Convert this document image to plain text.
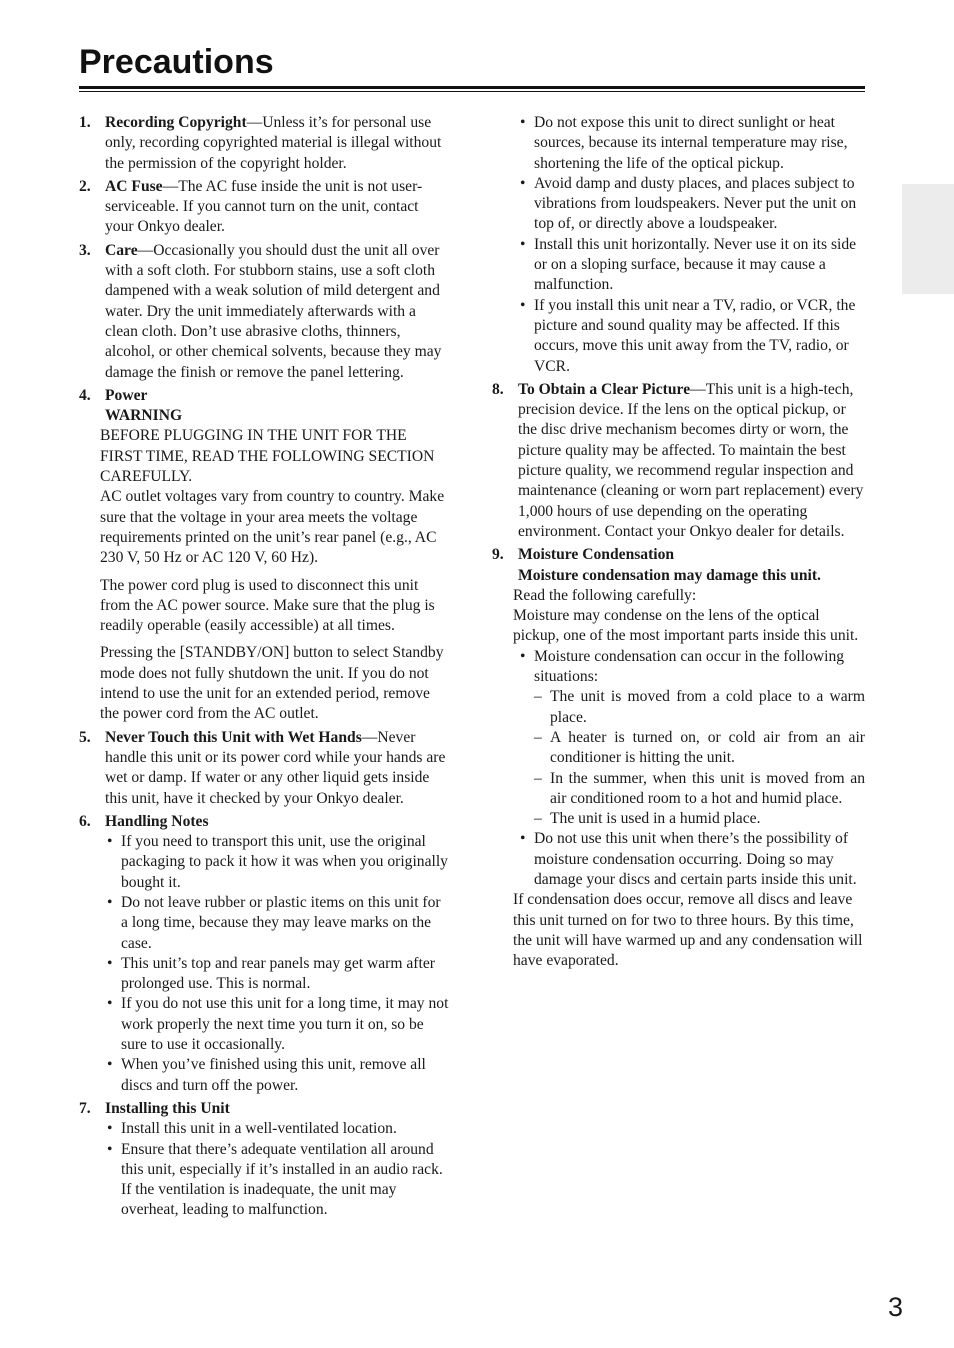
Precautions
1. Recording Copyright—Unless it’s for personal use only, recording copyrighted material is illegal without the permission of the copyright holder.

2. AC Fuse—The AC fuse inside the unit is not user-serviceable. If you cannot turn on the unit, contact your Onkyo dealer.

3. Care—Occasionally you should dust the unit all over with a soft cloth. For stubborn stains, use a soft cloth dampened with a weak solution of mild detergent and water. Dry the unit immediately afterwards with a clean cloth. Don’t use abrasive cloths, thinners, alcohol, or other chemical solvents, because they may damage the finish or remove the panel lettering.

4. Power

WARNING

BEFORE PLUGGING IN THE UNIT FOR THE FIRST TIME, READ THE FOLLOWING SECTION CAREFULLY.

AC outlet voltages vary from country to country. Make sure that the voltage in your area meets the voltage requirements printed on the unit’s rear panel (e.g., AC 230 V, 50 Hz or AC 120 V, 60 Hz).

The power cord plug is used to disconnect this unit from the AC power source. Make sure that the plug is readily operable (easily accessible) at all times.

Pressing the [STANDBY/ON] button to select Standby mode does not fully shutdown the unit. If you do not intend to use the unit for an extended period, remove the power cord from the AC outlet.

5. Never Touch this Unit with Wet Hands—Never handle this unit or its power cord while your hands are wet or damp. If water or any other liquid gets inside this unit, have it checked by your Onkyo dealer.

6. Handling Notes

• If you need to transport this unit, use the original packaging to pack it how it was when you originally bought it.
• Do not leave rubber or plastic items on this unit for a long time, because they may leave marks on the case.
• This unit’s top and rear panels may get warm after prolonged use. This is normal.
• If you do not use this unit for a long time, it may not work properly the next time you turn it on, so be sure to use it occasionally.
• When you’ve finished using this unit, remove all discs and turn off the power.
7. Installing this Unit

• Install this unit in a well-ventilated location.
• Ensure that there’s adequate ventilation all around this unit, especially if it’s installed in an audio rack. If the ventilation is inadequate, the unit may overheat, leading to malfunction.
• Do not expose this unit to direct sunlight or heat sources, because its internal temperature may rise, shortening the life of the optical pickup.
• Avoid damp and dusty places, and places subject to vibrations from loudspeakers. Never put the unit on top of, or directly above a loudspeaker.
• Install this unit horizontally. Never use it on its side or on a sloping surface, because it may cause a malfunction.
• If you install this unit near a TV, radio, or VCR, the picture and sound quality may be affected. If this occurs, move this unit away from the TV, radio, or VCR.
8. To Obtain a Clear Picture—This unit is a high-tech, precision device. If the lens on the optical pickup, or the disc drive mechanism becomes dirty or worn, the picture quality may be affected. To maintain the best picture quality, we recommend regular inspection and maintenance (cleaning or worn part replacement) every 1,000 hours of use depending on the operating environment. Contact your Onkyo dealer for details.

9. Moisture Condensation

Moisture condensation may damage this unit.

Read the following carefully:

Moisture may condense on the lens of the optical pickup, one of the most important parts inside this unit.

• Moisture condensation can occur in the following situations:
– The unit is moved from a cold place to a warm place.
– A heater is turned on, or cold air from an air conditioner is hitting the unit.
– In the summer, when this unit is moved from an air conditioned room to a hot and humid place.
– The unit is used in a humid place.
• Do not use this unit when there’s the possibility of moisture condensation occurring. Doing so may damage your discs and certain parts inside this unit.

If condensation does occur, remove all discs and leave this unit turned on for two to three hours. By this time, the unit will have warmed up and any condensation will have evaporated.

3
